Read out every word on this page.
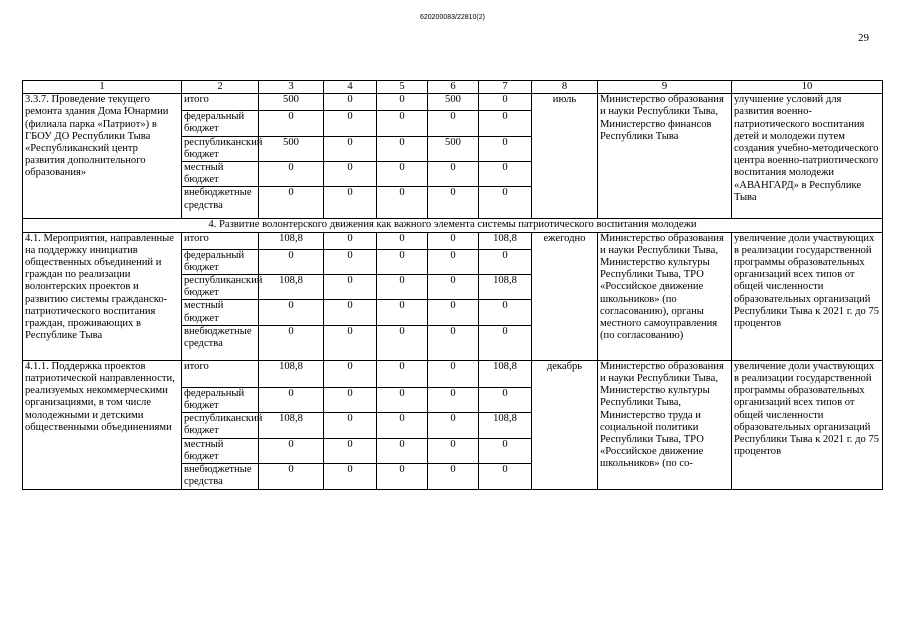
620200083/22810(2)
29
1	2	3	4	5	6	7	8	9	10
3.3.7. Проведение текущего ремонта здания Дома Юнармии (филиала парка «Патриот») в ГБОУ ДО Республики Тыва «Республиканский центр развития дополнительного образования»	итого	500	0	0	500	0	июль	Министерство образования и науки Республики Тыва, Министерство финансов Республики Тыва	улучшение условий для развития военно-патриотического воспитания детей и молодежи путем создания учебно-методического центра военно-патриотического воспитания молодежи «АВАНГАРД» в Республике Тыва
	федеральный бюджет	0	0	0	0	0			
	республиканский бюджет	500	0	0	500	0			
	местный бюджет	0	0	0	0	0			
	внебюджетные средства	0	0	0	0	0			
4. Развитие волонтерского движения как важного элемента системы патриотического воспитания молодежи									
4.1. Мероприятия, направленные на поддержку инициатив общественных объединений и граждан по реализации волонтерских проектов и развитию системы гражданско-патриотического воспитания граждан, проживающих в Республике Тыва	итого	108,8	0	0	0	108,8	ежегодно	Министерство образования и науки Республики Тыва, Министерство культуры Республики Тыва, ТРО «Российское движение школьников» (по согласованию), органы местного самоуправления (по согласованию)	увеличение доли участвующих в реализации государственной программы образовательных организаций всех типов от общей численности образовательных организаций Республики Тыва к 2021 г. до 75 процентов
	федеральный бюджет	0	0	0	0	0			
	республиканский бюджет	108,8	0	0	0	108,8			
	местный бюджет	0	0	0	0	0			
	внебюджетные средства	0	0	0	0	0			
4.1.1. Поддержка проектов патриотической направленности, реализуемых некоммерческими организациями, в том числе молодежными и детскими общественными объединениями	итого	108,8	0	0	0	108,8	декабрь	Министерство образования и науки Республики Тыва, Министерство культуры Республики Тыва, Министерство труда и социальной политики Республики Тыва, ТРО «Российское движение школьников» (по со-	увеличение доли участвующих в реализации государственной программы образовательных организаций всех типов от общей численности образовательных организаций Республики Тыва к 2021 г. до 75 процентов
	федеральный бюджет	0	0	0	0	0			
	республиканский бюджет	108,8	0	0	0	108,8			
	местный бюджет	0	0	0	0	0			
	внебюджетные средства	0	0	0	0	0			
